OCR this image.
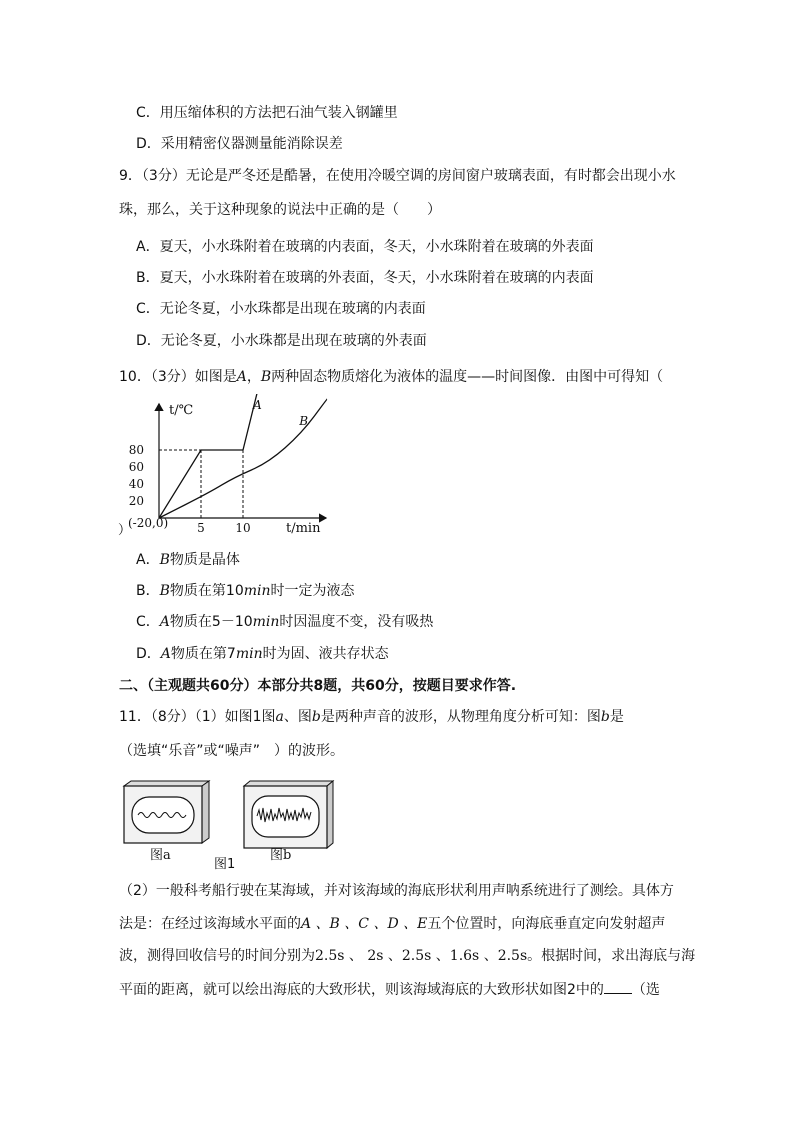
C．用压缩体积的方法把石油气装入钢罐里
D．采用精密仪器测量能消除误差
9．（3分）无论是严冬还是酷暑，在使用冷暖空调的房间窗户玻璃表面，有时都会出现小水
珠，那么，关于这种现象的说法中正确的是（　　）
A．夏天，小水珠附着在玻璃的内表面，冬天，小水珠附着在玻璃的外表面
B．夏天，小水珠附着在玻璃的外表面，冬天，小水珠附着在玻璃的内表面
C．无论冬夏，小水珠都是出现在玻璃的内表面
D．无论冬夏，小水珠都是出现在玻璃的外表面
10．（3分）如图是A，B两种固态物质熔化为液体的温度——时间图像．由图中可得知（
20
40
60
80
5	10
A
B
t/℃
t/min
(-20,0)
）
A．B物质是晶体
B．B物质在第10min时一定为液态
C．A物质在5－10min时因温度不变，没有吸热
D．A物质在第7min时为固、液共存状态
二、（主观题共60分）本部分共8题，共60分，按题目要求作答.
11．（8分）（1）如图1图a、图b是两种声音的波形，从物理角度分析可知：图b是
（选填“乐音”或“噪声”　）的波形。
图a
图1
图b
（2）一般科考船行驶在某海域，并对该海域的海底形状利用声呐系统进行了测绘。具体方
法是：在经过该海域水平面的A 、B 、C 、D 、E五个位置时，向海底垂直定向发射超声
波，测得回收信号的时间分别为2.5s 、 2s 、2.5s 、1.6s 、2.5s。根据时间，求出海底与海
平面的距离，就可以绘出海底的大致形状，则该海域海底的大致形状如图2中的 （选
